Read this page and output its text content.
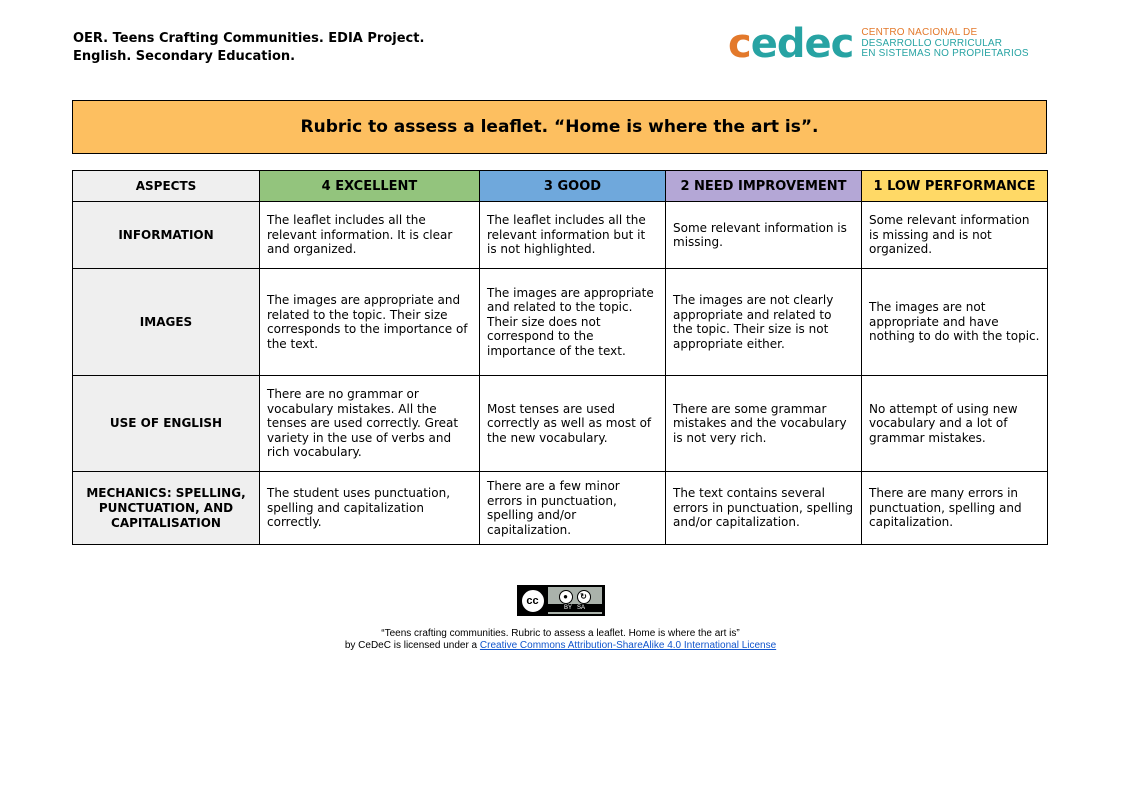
OER. Teens Crafting Communities. EDIA Project.
English. Secondary Education.	cedec CENTRO NACIONAL DE
DESARROLLO CURRICULAR
EN SISTEMAS NO PROPIETARIOS
Rubric to assess a leaflet. “Home is where the art is”.
ASPECTS	4 EXCELLENT	3 GOOD	2 NEED IMPROVEMENT	1 LOW PERFORMANCE
INFORMATION	The leaflet includes all the relevant information. It is clear and organized.	The leaflet includes all the relevant information but it is not highlighted.	Some relevant information is missing.	Some relevant information is missing and is not organized.
IMAGES	The images are appropriate and related to the topic. Their size corresponds to the importance of the text.	The images are appropriate and related to the topic. Their size does not correspond to the importance of the text.	The images are not clearly appropriate and related to the topic. Their size is not appropriate either.	The images are not appropriate and have nothing to do with the topic.
USE OF ENGLISH	There are no grammar or vocabulary mistakes. All the tenses are used correctly. Great variety in the use of verbs and rich vocabulary.	Most tenses are used correctly as well as most of the new vocabulary.	There are some grammar mistakes and the vocabulary is not very rich.	No attempt of using new vocabulary and a lot of grammar mistakes.
MECHANICS: SPELLING, PUNCTUATION, AND CAPITALISATION	The student uses punctuation, spelling and capitalization correctly.	There are a few minor errors in punctuation, spelling and/or capitalization.	The text contains several errors in punctuation, spelling and/or capitalization.	There are many errors in punctuation, spelling and capitalization.
cc	●	↻
BY SA
“Teens crafting communities. Rubric to assess a leaflet. Home is where the art is”
by CeDeC is licensed under a Creative Commons Attribution-ShareAlike 4.0 International License
